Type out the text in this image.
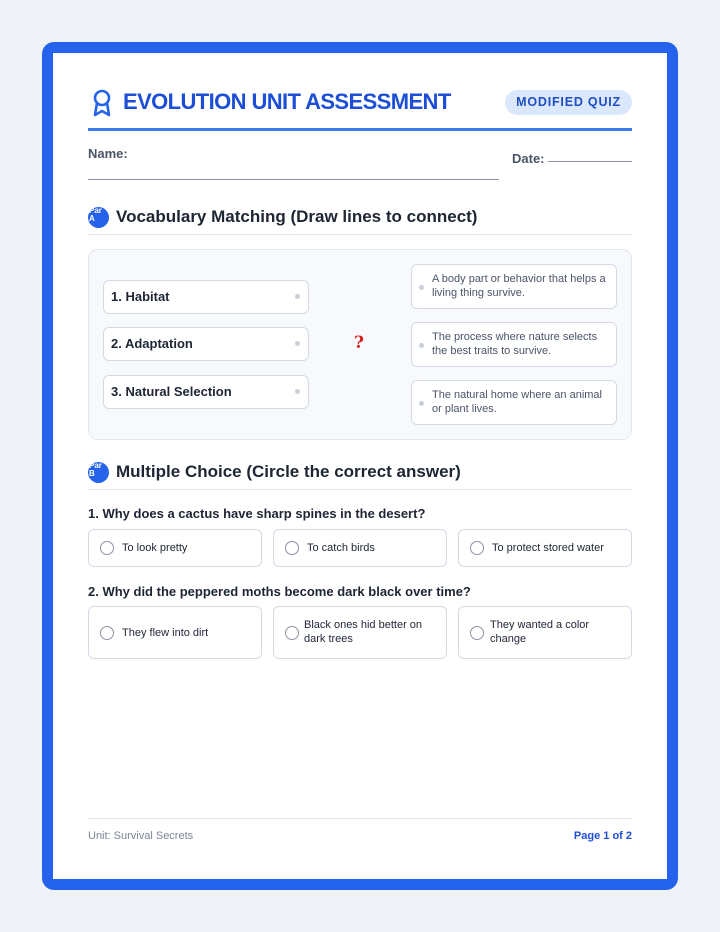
EVOLUTION UNIT ASSESSMENT	MODIFIED QUIZ
Name:	Date:
Par
A	Vocabulary Matching (Draw lines to connect)
1. Habitat
2. Adaptation
3. Natural Selection
?
A body part or behavior that helps a living thing survive.
The process where nature selects the best traits to survive.
The natural home where an animal or plant lives.
Par
B	Multiple Choice (Circle the correct answer)
1. Why does a cactus have sharp spines in the desert?
To look pretty	To catch birds	To protect stored water
2. Why did the peppered moths become dark black over time?
They flew into dirt
Black ones hid better on dark trees
They wanted a color change
Unit: Survival Secrets	Page 1 of 2
